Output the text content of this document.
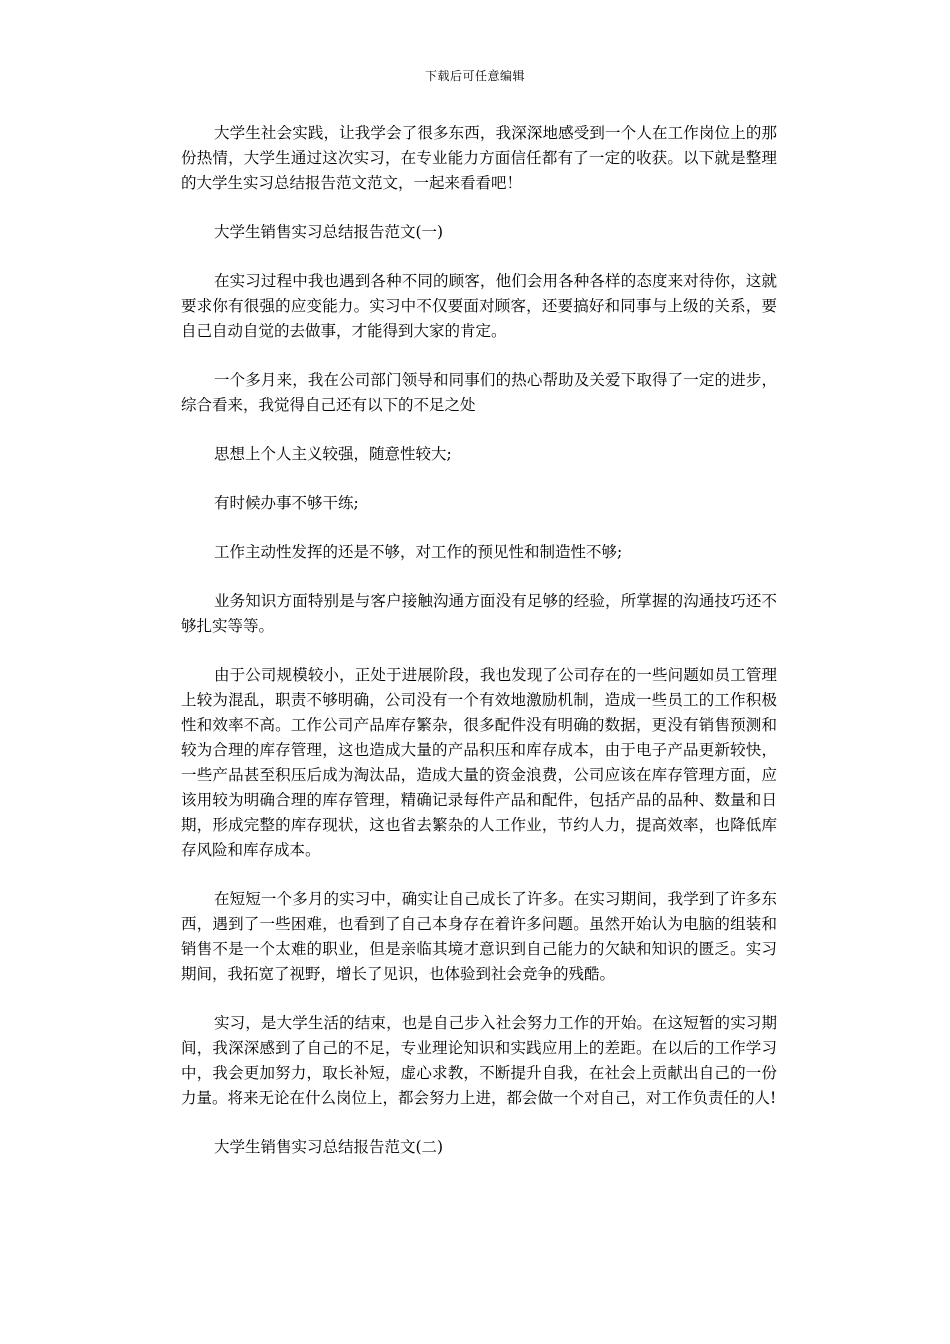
下载后可任意编辑

大学生社会实践，让我学会了很多东西，我深深地感受到一个人在工作岗位上的那份热情，大学生通过这次实习，在专业能力方面信任都有了一定的收获。以下就是整理的大学生实习总结报告范文范文，一起来看看吧！

大学生销售实习总结报告范文(一)

在实习过程中我也遇到各种不同的顾客，他们会用各种各样的态度来对待你，这就要求你有很强的应变能力。实习中不仅要面对顾客，还要搞好和同事与上级的关系，要自己自动自觉的去做事，才能得到大家的肯定。

一个多月来，我在公司部门领导和同事们的热心帮助及关爱下取得了一定的进步，综合看来，我觉得自己还有以下的不足之处

思想上个人主义较强，随意性较大;

有时候办事不够干练;

工作主动性发挥的还是不够，对工作的预见性和制造性不够;

业务知识方面特别是与客户接触沟通方面没有足够的经验，所掌握的沟通技巧还不够扎实等等。

由于公司规模较小，正处于进展阶段，我也发现了公司存在的一些问题如员工管理上较为混乱，职责不够明确，公司没有一个有效地激励机制，造成一些员工的工作积极性和效率不高。工作公司产品库存繁杂，很多配件没有明确的数据，更没有销售预测和较为合理的库存管理，这也造成大量的产品积压和库存成本，由于电子产品更新较快，一些产品甚至积压后成为淘汰品，造成大量的资金浪费，公司应该在库存管理方面，应该用较为明确合理的库存管理，精确记录每件产品和配件，包括产品的品种、数量和日期，形成完整的库存现状，这也省去繁杂的人工作业，节约人力，提高效率，也降低库存风险和库存成本。

在短短一个多月的实习中，确实让自己成长了许多。在实习期间，我学到了许多东西，遇到了一些困难，也看到了自己本身存在着许多问题。虽然开始认为电脑的组装和销售不是一个太难的职业，但是亲临其境才意识到自己能力的欠缺和知识的匮乏。实习期间，我拓宽了视野，增长了见识，也体验到社会竞争的残酷。

实习，是大学生活的结束，也是自己步入社会努力工作的开始。在这短暂的实习期间，我深深感到了自己的不足，专业理论知识和实践应用上的差距。在以后的工作学习中，我会更加努力，取长补短，虚心求教，不断提升自我，在社会上贡献出自己的一份力量。将来无论在什么岗位上，都会努力上进，都会做一个对自己，对工作负责任的人!

大学生销售实习总结报告范文(二)
